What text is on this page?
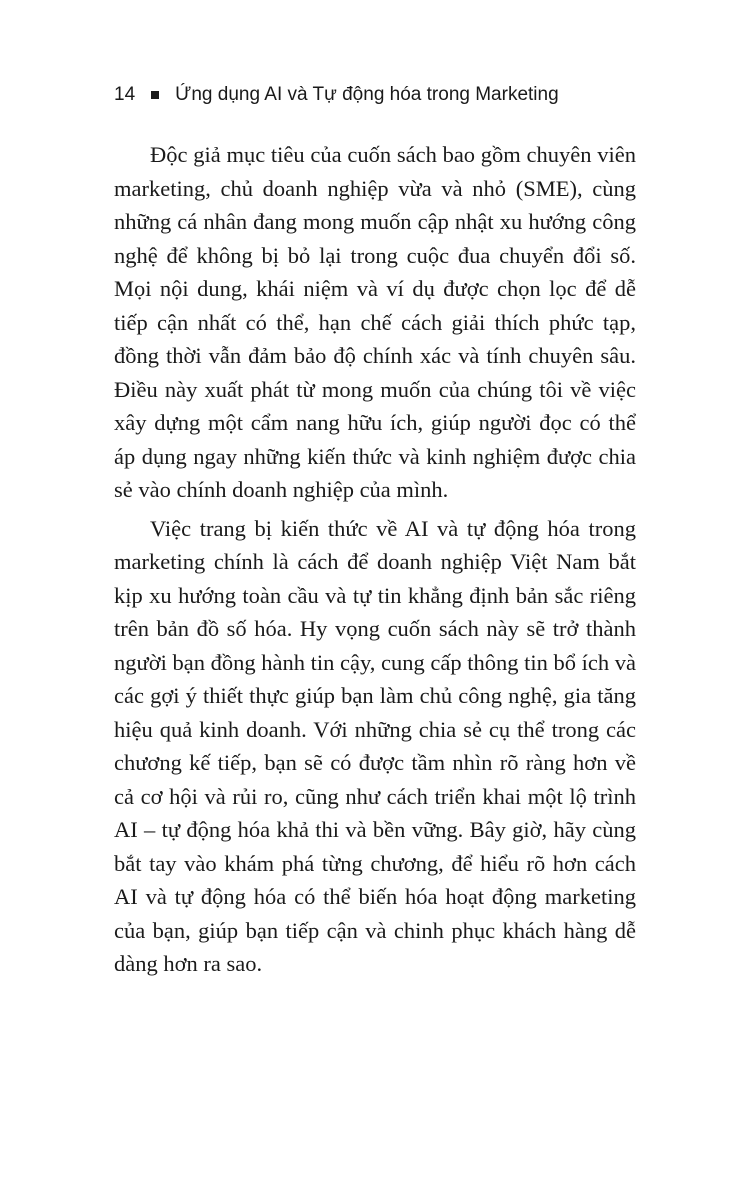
14 Ứng dụng AI và Tự động hóa trong Marketing

Độc giả mục tiêu của cuốn sách bao gồm chuyên viên marketing, chủ doanh nghiệp vừa và nhỏ (SME), cùng những cá nhân đang mong muốn cập nhật xu hướng công nghệ để không bị bỏ lại trong cuộc đua chuyển đổi số. Mọi nội dung, khái niệm và ví dụ được chọn lọc để dễ tiếp cận nhất có thể, hạn chế cách giải thích phức tạp, đồng thời vẫn đảm bảo độ chính xác và tính chuyên sâu. Điều này xuất phát từ mong muốn của chúng tôi về việc xây dựng một cẩm nang hữu ích, giúp người đọc có thể áp dụng ngay những kiến thức và kinh nghiệm được chia sẻ vào chính doanh nghiệp của mình.

Việc trang bị kiến thức về AI và tự động hóa trong marketing chính là cách để doanh nghiệp Việt Nam bắt kịp xu hướng toàn cầu và tự tin khẳng định bản sắc riêng trên bản đồ số hóa. Hy vọng cuốn sách này sẽ trở thành người bạn đồng hành tin cậy, cung cấp thông tin bổ ích và các gợi ý thiết thực giúp bạn làm chủ công nghệ, gia tăng hiệu quả kinh doanh. Với những chia sẻ cụ thể trong các chương kế tiếp, bạn sẽ có được tầm nhìn rõ ràng hơn về cả cơ hội và rủi ro, cũng như cách triển khai một lộ trình AI – tự động hóa khả thi và bền vững. Bây giờ, hãy cùng bắt tay vào khám phá từng chương, để hiểu rõ hơn cách AI và tự động hóa có thể biến hóa hoạt động marketing của bạn, giúp bạn tiếp cận và chinh phục khách hàng dễ dàng hơn ra sao.
